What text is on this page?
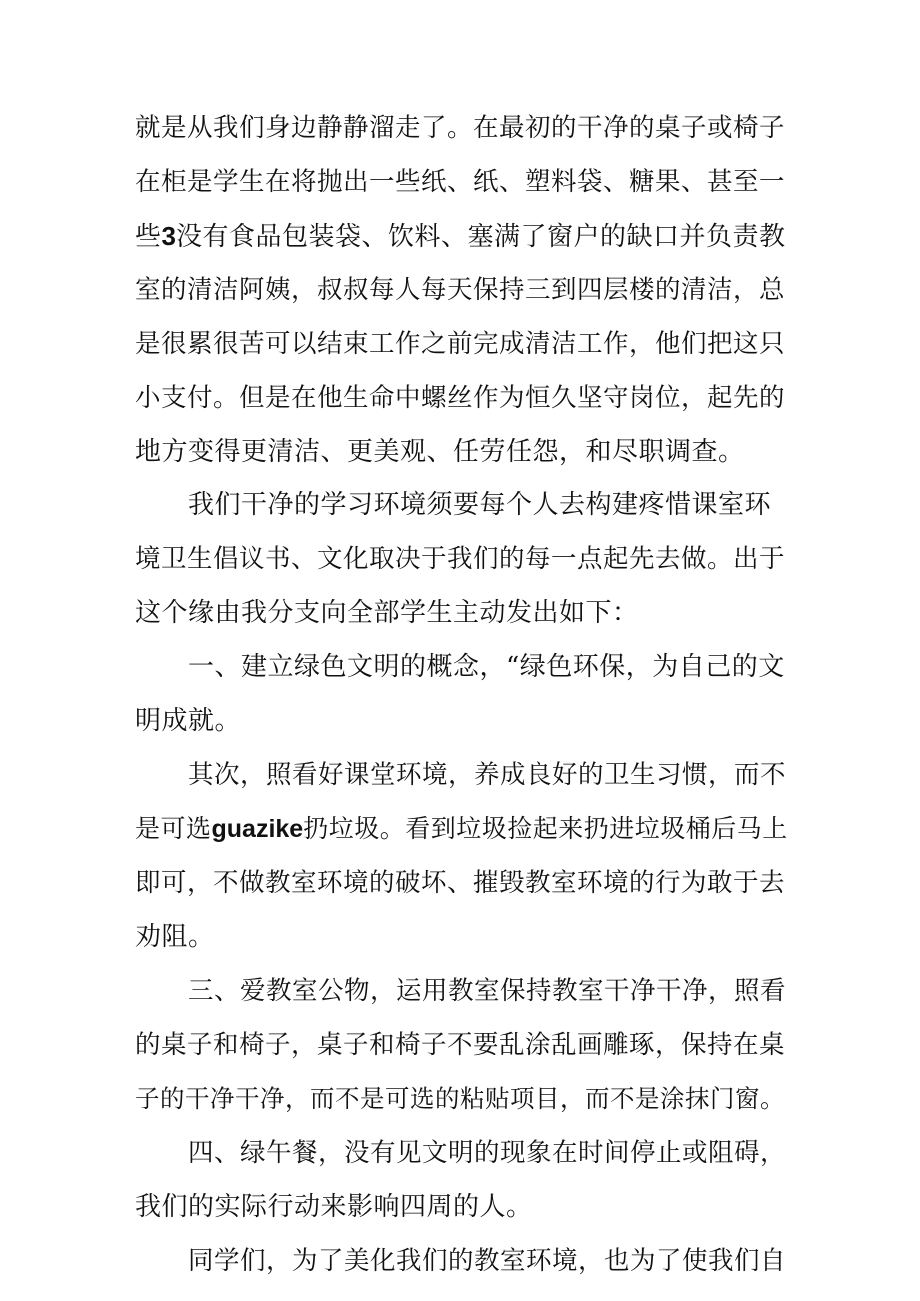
就是从我们身边静静溜走了。在最初的干净的桌子或椅子
在柜是学生在将抛出一些纸、纸、塑料袋、糖果、甚至一
些3没有食品包装袋、饮料、塞满了窗户的缺口并负责教
室的清洁阿姨，叔叔每人每天保持三到四层楼的清洁，总
是很累很苦可以结束工作之前完成清洁工作，他们把这只
小支付。但是在他生命中螺丝作为恒久坚守岗位，起先的
地方变得更清洁、更美观、任劳任怨，和尽职调查。
我们干净的学习环境须要每个人去构建疼惜课室环
境卫生倡议书、文化取决于我们的每一点起先去做。出于
这个缘由我分支向全部学生主动发出如下：
一、建立绿色文明的概念，“绿色环保，为自己的文
明成就。
其次，照看好课堂环境，养成良好的卫生习惯，而不
是可选guazike扔垃圾。看到垃圾捡起来扔进垃圾桶后马上
即可，不做教室环境的破坏、摧毁教室环境的行为敢于去
劝阻。
三、爱教室公物，运用教室保持教室干净干净，照看
的桌子和椅子，桌子和椅子不要乱涂乱画雕琢，保持在桌
子的干净干净，而不是可选的粘贴项目，而不是涂抹门窗。
四、绿午餐，没有见文明的现象在时间停止或阻碍，
我们的实际行动来影响四周的人。
同学们，为了美化我们的教室环境，也为了使我们自
